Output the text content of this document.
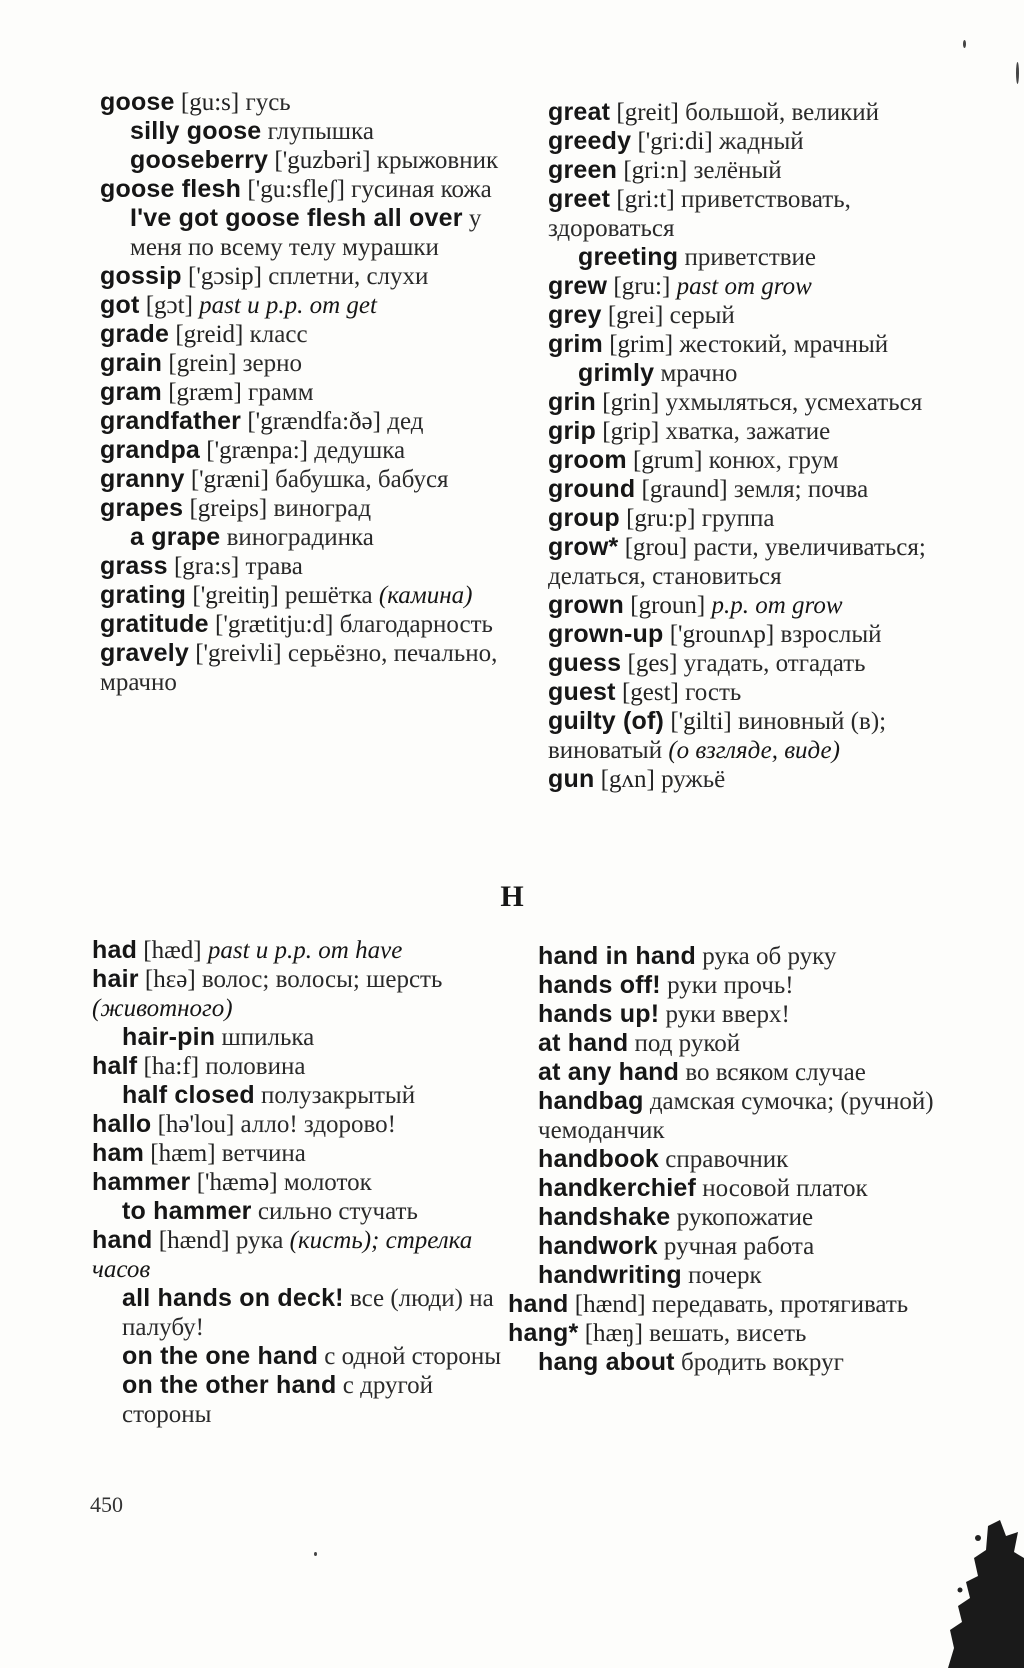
goose [gu:s] гусь
silly goose глупышка
gooseberry ['guzbəri] крыжовник
goose flesh ['gu:sfleʃ] гусиная кожа
I've got goose flesh all over у меня по всему телу мурашки
gossip ['gɔsip] сплетни, слухи
got [gɔt] past и p.p. от get
grade [greid] класс
grain [grein] зерно
gram [græm] грамм
grandfather ['grændfa:ðə] дед
grandpa ['grænpa:] дедушка
granny ['græni] бабушка, бабуся
grapes [greips] виноград
a grape виноградинка
grass [gra:s] трава
grating ['greitiŋ] решётка (камина)
gratitude ['grætitju:d] благодарность
gravely ['greivli] серьёзно, печально, мрачно
great [greit] большой, великий
greedy ['gri:di] жадный
green [gri:n] зелёный
greet [gri:t] приветствовать, здороваться
greeting приветствие
grew [gru:] past от grow
grey [grei] серый
grim [grim] жестокий, мрачный
grimly мрачно
grin [grin] ухмыляться, усмехаться
grip [grip] хватка, зажатие
groom [grum] конюх, грум
ground [graund] земля; почва
group [gru:p] группа
grow* [grou] расти, увеличиваться; делаться, становиться
grown [groun] p.p. от grow
grown-up ['grounʌp] взрослый
guess [ges] угадать, отгадать
guest [gest] гость
guilty (of) ['gilti] виновный (в); виноватый (о взгляде, виде)
gun [gʌn] ружьё
H
had [hæd] past и p.p. от have
hair [hɛə] волос; волосы; шерсть (животного)
hair-pin шпилька
half [ha:f] половина
half closed полузакрытый
hallo [hə'lou] алло! здорово!
ham [hæm] ветчина
hammer ['hæmə] молоток
to hammer сильно стучать
hand [hænd] рука (кисть); стрелка часов
all hands on deck! все (люди) на палубу!
on the one hand с одной стороны
on the other hand с другой стороны
hand in hand рука об руку
hands off! руки прочь!
hands up! руки вверх!
at hand под рукой
at any hand во всяком случае
handbag дамская сумочка; (ручной) чемоданчик
handbook справочник
handkerchief носовой платок
handshake рукопожатие
handwork ручная работа
handwriting почерк
hand [hænd] передавать, протягивать
hang* [hæŋ] вешать, висеть
hang about бродить вокруг
450
